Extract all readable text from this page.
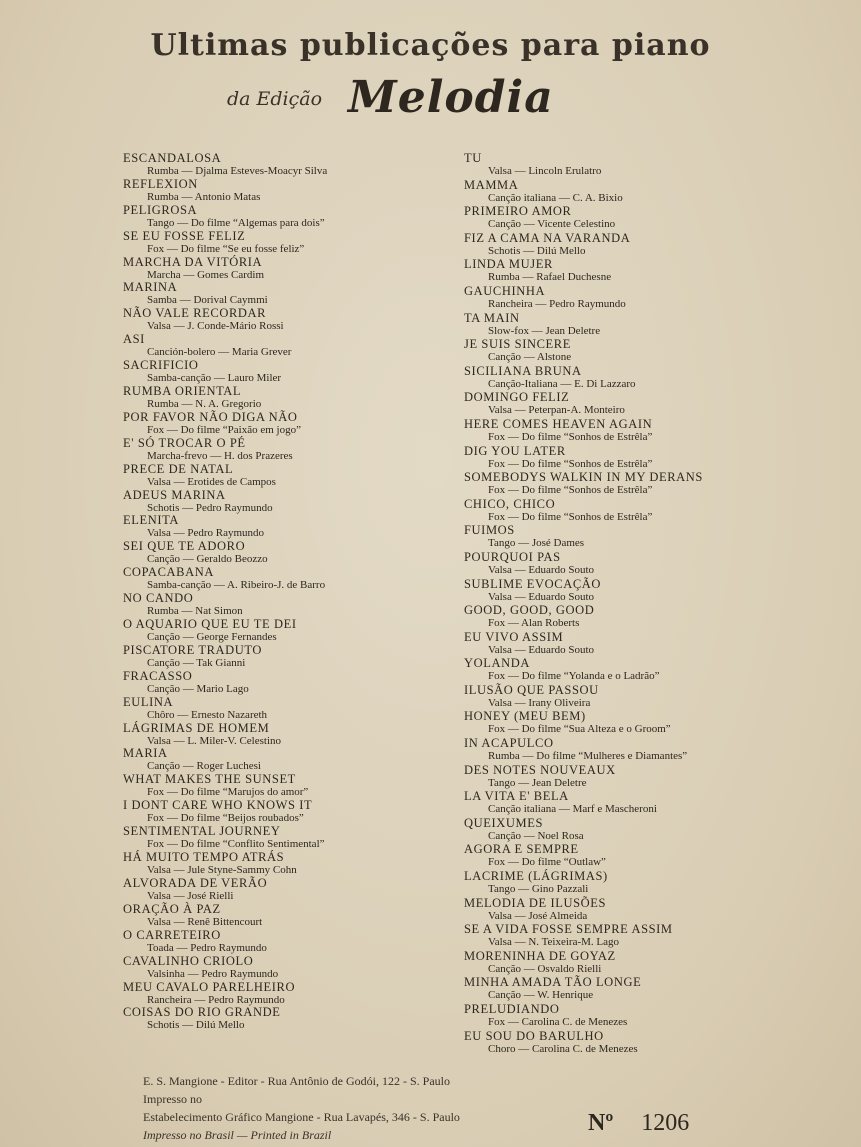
Ultimas publicações para piano
da Edição Melodia
ESCANDALOSA
Rumba — Djalma Esteves-Moacyr Silva
REFLEXION
Rumba — Antonio Matas
PELIGROSA
Tango — Do filme “Algemas para dois”
SE EU FOSSE FELIZ
Fox — Do filme “Se eu fosse feliz”
MARCHA DA VITÓRIA
Marcha — Gomes Cardim
MARINA
Samba — Dorival Caymmi
NÃO VALE RECORDAR
Valsa — J. Conde-Mário Rossi
ASI
Canción-bolero — Maria Grever
SACRIFICIO
Samba-canção — Lauro Miler
RUMBA ORIENTAL
Rumba — N. A. Gregorio
POR FAVOR NÃO DIGA NÃO
Fox — Do filme “Paixão em jogo”
E' SÓ TROCAR O PÉ
Marcha-frevo — H. dos Prazeres
PRECE DE NATAL
Valsa — Erotides de Campos
ADEUS MARINA
Schotis — Pedro Raymundo
ELENITA
Valsa — Pedro Raymundo
SEI QUE TE ADORO
Canção — Geraldo Beozzo
COPACABANA
Samba-canção — A. Ribeiro-J. de Barro
NO CANDO
Rumba — Nat Simon
O AQUARIO QUE EU TE DEI
Canção — George Fernandes
PISCATORE TRADUTO
Canção — Tak Gianni
FRACASSO
Canção — Mario Lago
EULINA
Chôro — Ernesto Nazareth
LÁGRIMAS DE HOMEM
Valsa — L. Miler-V. Celestino
MARIA
Canção — Roger Luchesi
WHAT MAKES THE SUNSET
Fox — Do filme “Marujos do amor”
I DONT CARE WHO KNOWS IT
Fox — Do filme “Beijos roubados”
SENTIMENTAL JOURNEY
Fox — Do filme “Conflito Sentimental”
HÁ MUITO TEMPO ATRÁS
Valsa — Jule Styne-Sammy Cohn
ALVORADA DE VERÃO
Valsa — José Rielli
ORAÇÃO À PAZ
Valsa — Renê Bittencourt
O CARRETEIRO
Toada — Pedro Raymundo
CAVALINHO CRIOLO
Valsinha — Pedro Raymundo
MEU CAVALO PARELHEIRO
Rancheira — Pedro Raymundo
COISAS DO RIO GRANDE
Schotis — Dilú Mello
TU
Valsa — Lincoln Erulatro
MAMMA
Canção italiana — C. A. Bixio
PRIMEIRO AMOR
Canção — Vicente Celestino
FIZ A CAMA NA VARANDA
Schotis — Dilú Mello
LINDA MUJER
Rumba — Rafael Duchesne
GAUCHINHA
Rancheira — Pedro Raymundo
TA MAIN
Slow-fox — Jean Deletre
JE SUIS SINCERE
Canção — Alstone
SICILIANA BRUNA
Canção-Italiana — E. Di Lazzaro
DOMINGO FELIZ
Valsa — Peterpan-A. Monteiro
HERE COMES HEAVEN AGAIN
Fox — Do filme “Sonhos de Estrêla”
DIG YOU LATER
Fox — Do filme “Sonhos de Estrêla”
SOMEBODYS WALKIN IN MY DERANS
Fox — Do filme “Sonhos de Estrêla”
CHICO, CHICO
Fox — Do filme “Sonhos de Estrêla”
FUIMOS
Tango — José Dames
POURQUOI PAS
Valsa — Eduardo Souto
SUBLIME EVOCAÇÃO
Valsa — Eduardo Souto
GOOD, GOOD, GOOD
Fox — Alan Roberts
EU VIVO ASSIM
Valsa — Eduardo Souto
YOLANDA
Fox — Do filme “Yolanda e o Ladrão”
ILUSÃO QUE PASSOU
Valsa — Irany Oliveira
HONEY (MEU BEM)
Fox — Do filme “Sua Alteza e o Groom”
IN ACAPULCO
Rumba — Do filme “Mulheres e Diamantes”
DES NOTES NOUVEAUX
Tango — Jean Deletre
LA VITA E' BELA
Canção italiana — Marf e Mascheroni
QUEIXUMES
Canção — Noel Rosa
AGORA E SEMPRE
Fox — Do filme “Outlaw”
LACRIME (LÁGRIMAS)
Tango — Gino Pazzali
MELODIA DE ILUSÕES
Valsa — José Almeida
SE A VIDA FOSSE SEMPRE ASSIM
Valsa — N. Teixeira-M. Lago
MORENINHA DE GOYAZ
Canção — Osvaldo Rielli
MINHA AMADA TÃO LONGE
Canção — W. Henrique
PRELUDIANDO
Fox — Carolina C. de Menezes
EU SOU DO BARULHO
Choro — Carolina C. de Menezes
E. S. Mangione - Editor - Rua Antônio de Godói, 122 - S. Paulo
Impresso no
Estabelecimento Gráfico Mangione - Rua Lavapés, 346 - S. Paulo
Impresso no Brasil — Printed in Brazil	Nº 1206
